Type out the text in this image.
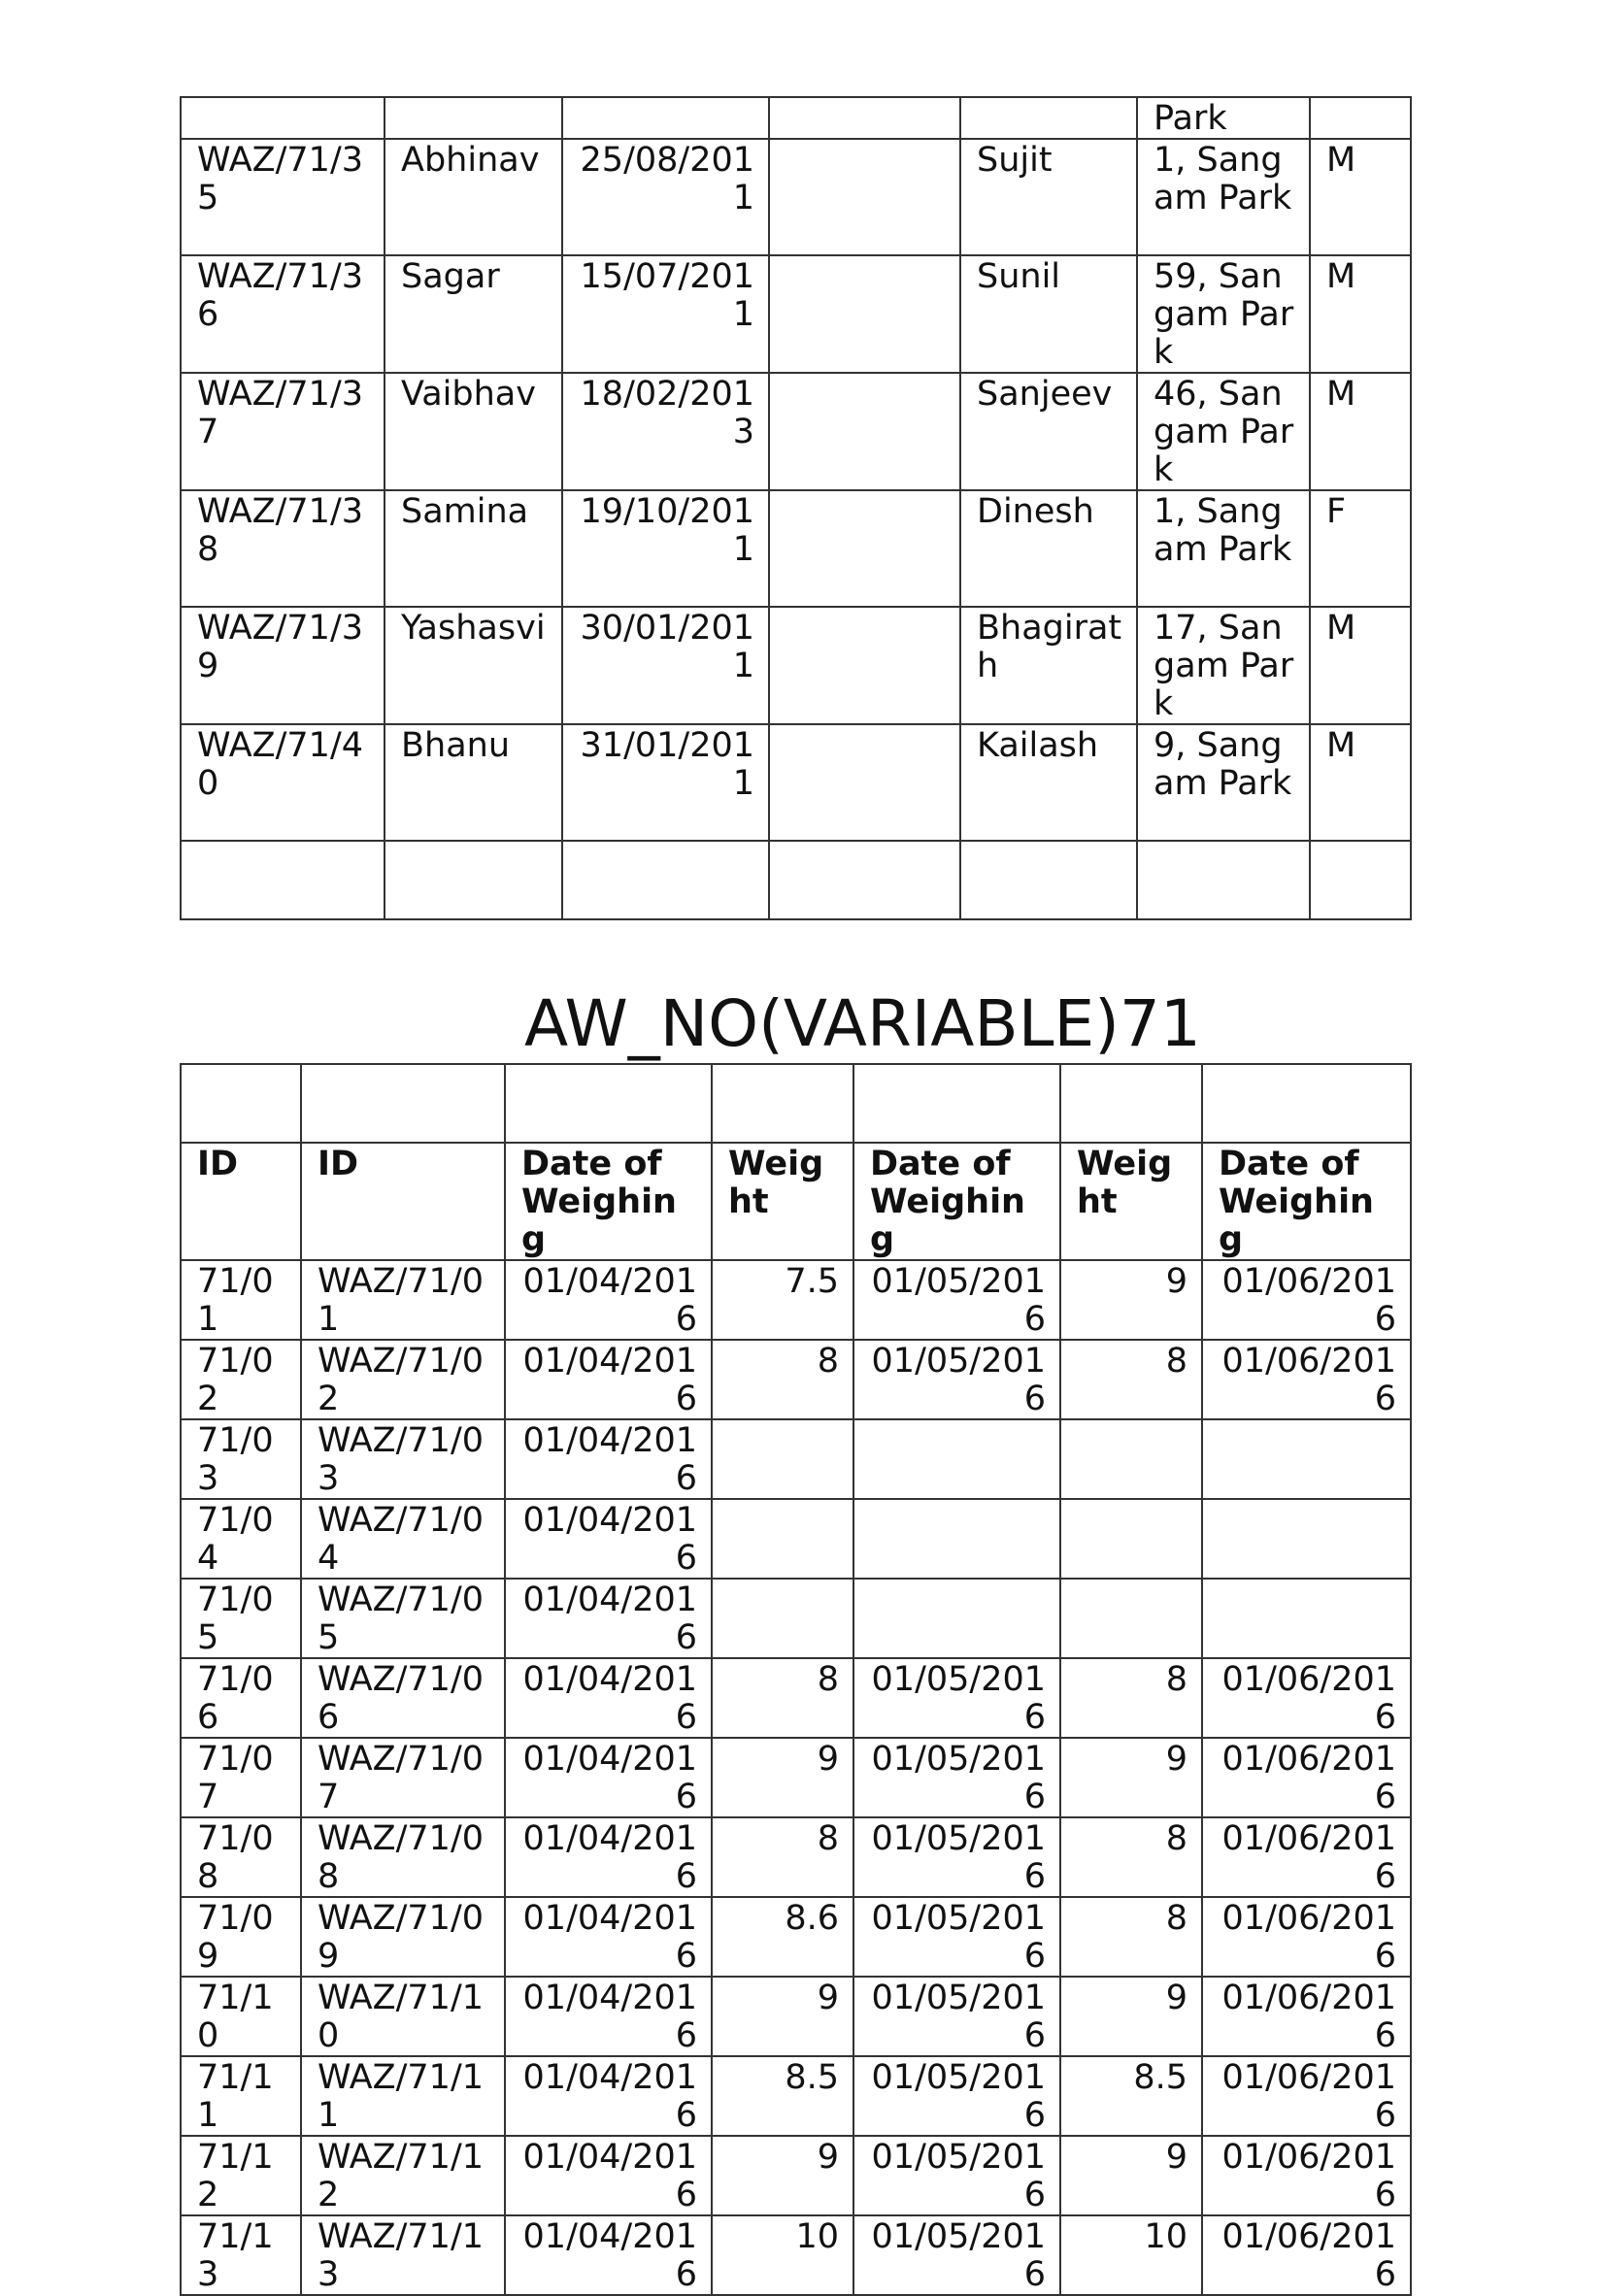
					Park	
WAZ/71/35	Abhinav	25/08/2011		Sujit	1, Sangam Park	M
WAZ/71/36	Sagar	15/07/2011		Sunil	59, Sangam Park	M
WAZ/71/37	Vaibhav	18/02/2013		Sanjeev	46, Sangam Park	M
WAZ/71/38	Samina	19/10/2011		Dinesh	1, Sangam Park	F
WAZ/71/39	Yashasvi	30/01/2011		Bhagirath	17, Sangam Park	M
WAZ/71/40	Bhanu	31/01/2011		Kailash	9, Sangam Park	M

AW_NO(VARIABLE)71

ID	ID	Date of Weighing	Weight	Date of Weighing	Weight	Date of Weighing
71/01	WAZ/71/01	01/04/2016	7.5	01/05/2016	9	01/06/2016
71/02	WAZ/71/02	01/04/2016	8	01/05/2016	8	01/06/2016
71/03	WAZ/71/03	01/04/2016				
71/04	WAZ/71/04	01/04/2016				
71/05	WAZ/71/05	01/04/2016				
71/06	WAZ/71/06	01/04/2016	8	01/05/2016	8	01/06/2016
71/07	WAZ/71/07	01/04/2016	9	01/05/2016	9	01/06/2016
71/08	WAZ/71/08	01/04/2016	8	01/05/2016	8	01/06/2016
71/09	WAZ/71/09	01/04/2016	8.6	01/05/2016	8	01/06/2016
71/10	WAZ/71/10	01/04/2016	9	01/05/2016	9	01/06/2016
71/11	WAZ/71/11	01/04/2016	8.5	01/05/2016	8.5	01/06/2016
71/12	WAZ/71/12	01/04/2016	9	01/05/2016	9	01/06/2016
71/13	WAZ/71/13	01/04/2016	10	01/05/2016	10	01/06/2016
